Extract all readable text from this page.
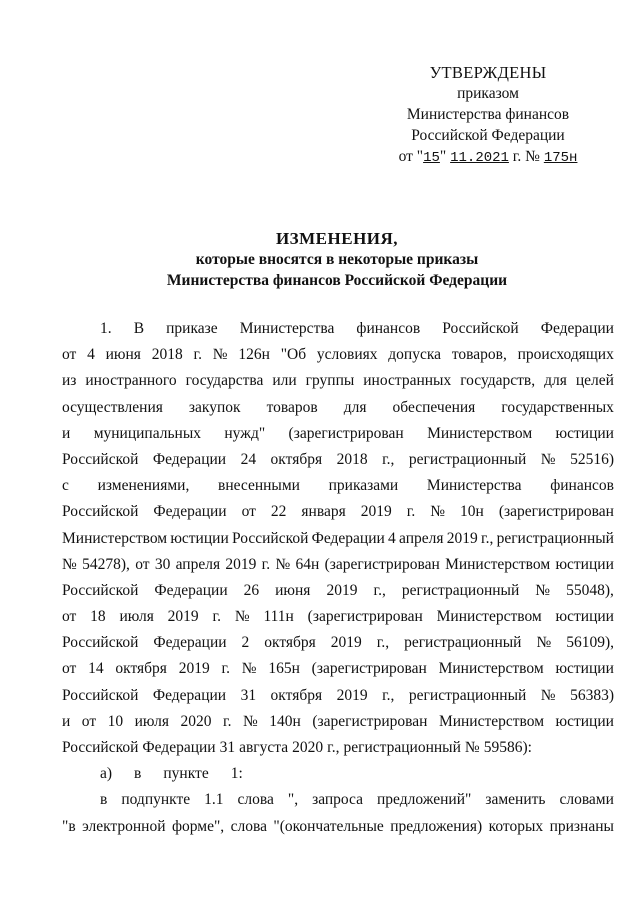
УТВЕРЖДЕНЫ
приказом
Министерства финансов
Российской Федерации
от "15" 11.2021 г. № 175н
ИЗМЕНЕНИЯ,
которые вносятся в некоторые приказы
Министерства финансов Российской Федерации
1. В приказе Министерства финансов Российской Федерации
от 4 июня 2018 г. № 126н "Об условиях допуска товаров, происходящих
из иностранного государства или группы иностранных государств, для целей
осуществления закупок товаров для обеспечения государственных
и муниципальных нужд" (зарегистрирован Министерством юстиции
Российской Федерации 24 октября 2018 г., регистрационный № 52516)
с изменениями, внесенными приказами Министерства финансов
Российской Федерации от 22 января 2019 г. № 10н (зарегистрирован
Министерством юстиции Российской Федерации 4 апреля 2019 г., регистрационный
№ 54278), от 30 апреля 2019 г. № 64н (зарегистрирован Министерством юстиции
Российской Федерации 26 июня 2019 г., регистрационный № 55048),
от 18 июля 2019 г. № 111н (зарегистрирован Министерством юстиции
Российской Федерации 2 октября 2019 г., регистрационный № 56109),
от 14 октября 2019 г. № 165н (зарегистрирован Министерством юстиции
Российской Федерации 31 октября 2019 г., регистрационный № 56383)
и от 10 июля 2020 г. № 140н (зарегистрирован Министерством юстиции
Российской Федерации 31 августа 2020 г., регистрационный № 59586):
а) в пункте 1:
в подпункте 1.1 слова ", запроса предложений" заменить словами
"в электронной форме", слова "(окончательные предложения) которых признаны
